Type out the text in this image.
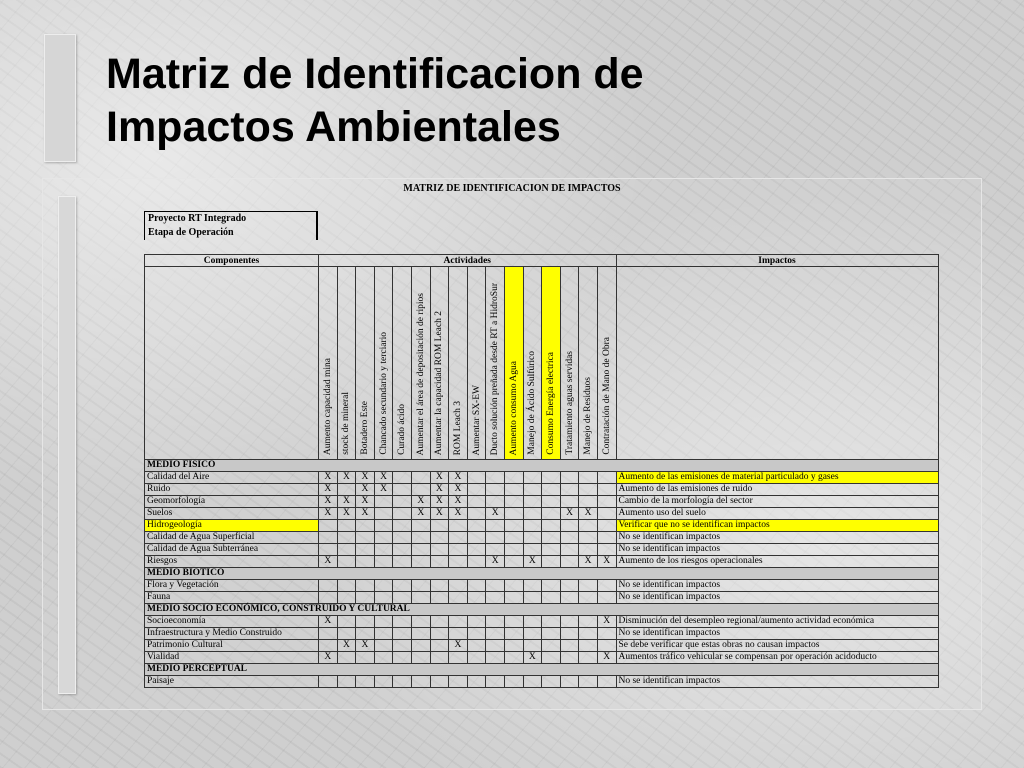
Matriz de Identificacion de
Impactos Ambientales
MATRIZ DE IDENTIFICACION DE IMPACTOS
Proyecto RT Integrado
Etapa de Operación
Componentes	Actividades																Impactos

	Aumento capacidad mina	stock de mineral	Botadero Este	Chancado secundario y terciario	Curado ácido	Aumentar el área de depositación de ripios	Aumentar la capacidad ROM Leach 2	ROM Leach 3	Aumentar SX-EW	Ducto solución preñada desde RT a HidroSur	Aumento consumo Agua	Manejo de Ácido Sulfúrico	Consumo Energía electrica	Tratamiento aguas servidas	Manejo de Residuos	Contratación de Mano de Obra	

MEDIO FISICO																	
Calidad del Aire	X	X	X	X			X	X									Aumento de las emisiones de material particulado y gases
Ruido	X		X	X			X	X									Aumento de las emisiones de ruido
Geomorfología	X	X	X			X	X	X									Cambio de la morfología del sector
Suelos	X	X	X			X	X	X		X				X	X		Aumento uso del suelo
Hidrogeología																	Verificar que no se identifican impactos
Calidad de Agua Superficial																	No se identifican impactos
Calidad de Agua Subterránea																	No se identifican impactos
Riesgos	X									X		X			X	X	Aumento de los riesgos operacionales
MEDIO BIOTICO																	
Flora y Vegetación																	No se identifican impactos
Fauna																	No se identifican impactos
MEDIO SOCIO ECONÓMICO, CONSTRUIDO Y CULTURAL																	
Socioeconomía	X															X	Disminución del desempleo regional/aumento actividad económica
Infraestructura y Medio Construido																	No se identifican impactos
Patrimonio Cultural		X	X					X									Se debe verificar que estas obras no causan impactos
Vialidad	X											X				X	Aumentos tráfico vehicular se compensan por operación acidoducto
MEDIO PERCEPTUAL																	
Paisaje																	No se identifican impactos
